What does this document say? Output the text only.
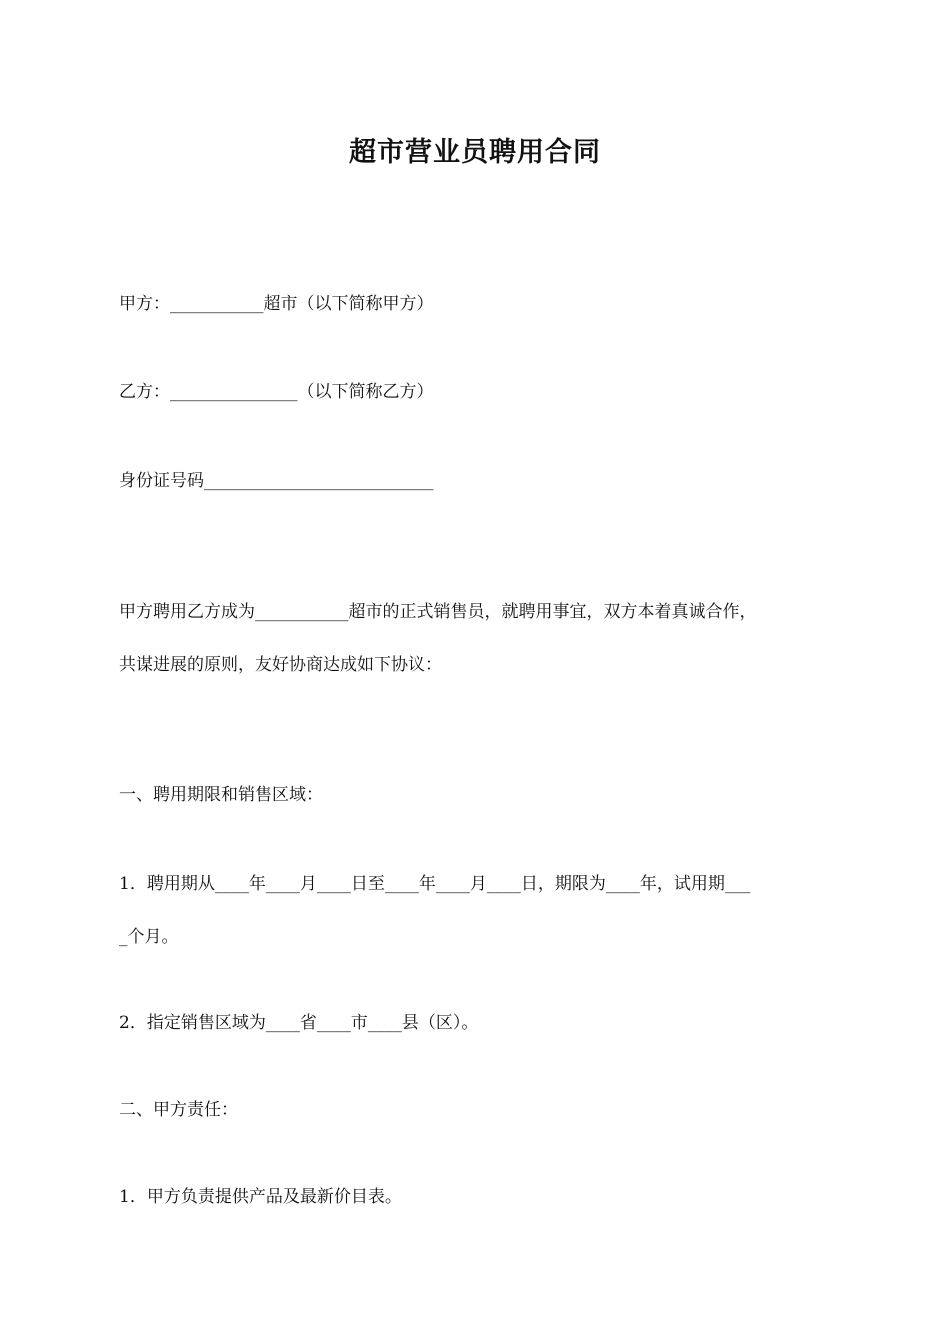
超市营业员聘用合同
甲方：___________超市（以下简称甲方）
乙方：_______________（以下简称乙方）
身份证号码___________________________
甲方聘用乙方成为___________超市的正式销售员，就聘用事宜，双方本着真诚合作，
共谋进展的原则，友好协商达成如下协议：
一、聘用期限和销售区域：
1．聘用期从____年____月____日至____年____月____日，期限为____年，试用期___
_个月。
2．指定销售区域为____省____市____县（区）。
二、甲方责任：
1．甲方负责提供产品及最新价目表。
